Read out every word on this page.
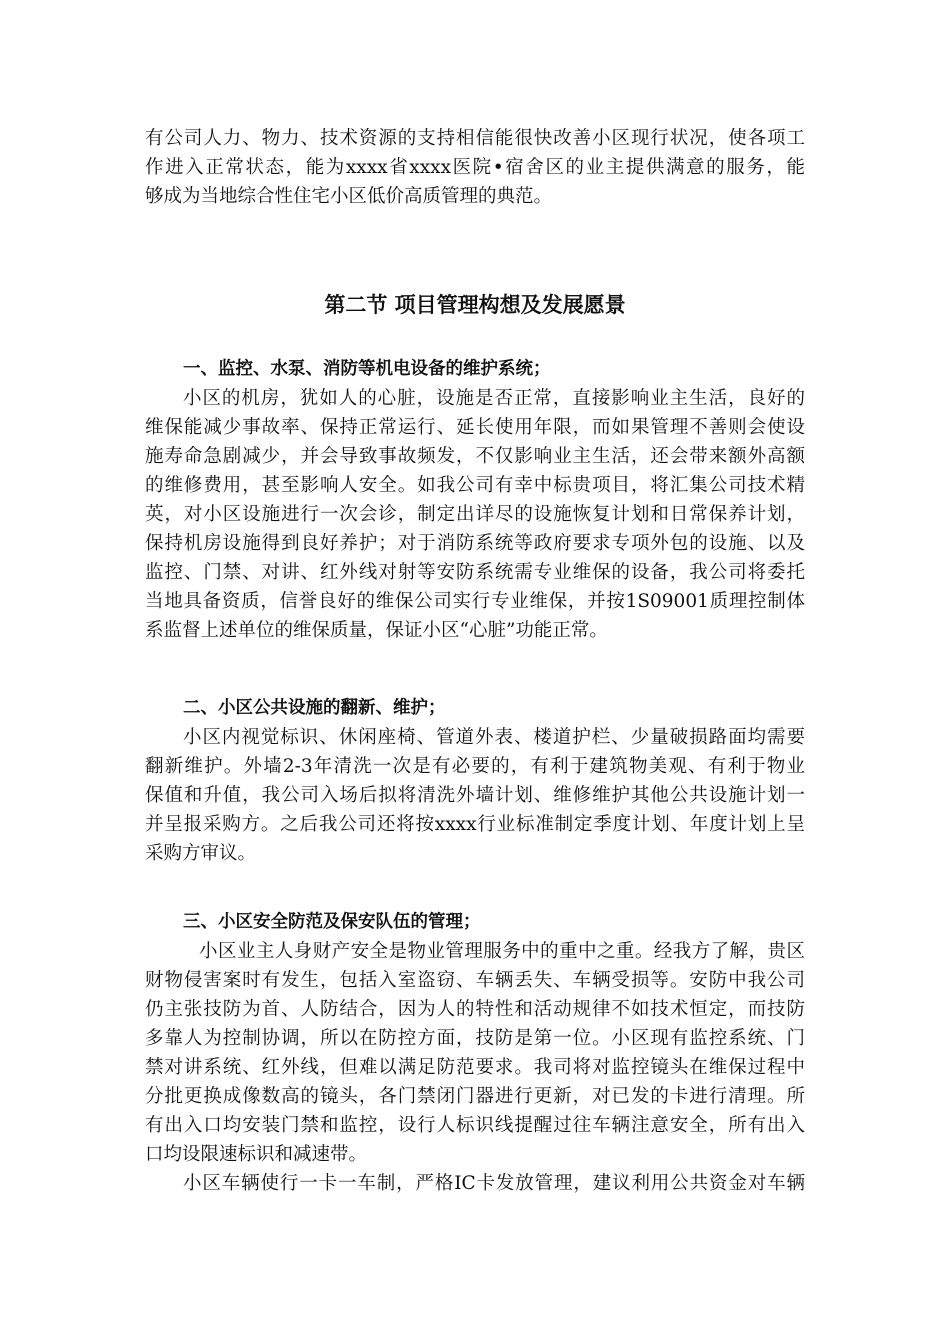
有公司人力、物力、技术资源的支持相信能很快改善小区现行状况，使各项工
作进入正常状态，能为xxxx省xxxx医院•宿舍区的业主提供满意的服务，能
够成为当地综合性住宅小区低价高质管理的典范。
第二节 项目管理构想及发展愿景
一、监控、水泵、消防等机电设备的维护系统；
小区的机房，犹如人的心脏，设施是否正常，直接影响业主生活，良好的
维保能减少事故率、保持正常运行、延长使用年限，而如果管理不善则会使设
施寿命急剧减少，并会导致事故频发，不仅影响业主生活，还会带来额外高额
的维修费用，甚至影响人安全。如我公司有幸中标贵项目，将汇集公司技术精
英，对小区设施进行一次会诊，制定出详尽的设施恢复计划和日常保养计划，
保持机房设施得到良好养护；对于消防系统等政府要求专项外包的设施、以及
监控、门禁、对讲、红外线对射等安防系统需专业维保的设备，我公司将委托
当地具备资质，信誉良好的维保公司实行专业维保，并按1S09001质理控制体
系监督上述单位的维保质量，保证小区“心脏”功能正常。
二、小区公共设施的翻新、维护；
小区内视觉标识、休闲座椅、管道外表、楼道护栏、少量破损路面均需要
翻新维护。外墙2-3年清洗一次是有必要的，有利于建筑物美观、有利于物业
保值和升值，我公司入场后拟将清洗外墙计划、维修维护其他公共设施计划一
并呈报采购方。之后我公司还将按xxxx行业标准制定季度计划、年度计划上呈
采购方审议。
三、小区安全防范及保安队伍的管理；
小区业主人身财产安全是物业管理服务中的重中之重。经我方了解，贵区
财物侵害案时有发生，包括入室盗窃、车辆丢失、车辆受损等。安防中我公司
仍主张技防为首、人防结合，因为人的特性和活动规律不如技术恒定，而技防
多靠人为控制协调，所以在防控方面，技防是第一位。小区现有监控系统、门
禁对讲系统、红外线，但难以满足防范要求。我司将对监控镜头在维保过程中
分批更换成像数高的镜头，各门禁闭门器进行更新，对已发的卡进行清理。所
有出入口均安装门禁和监控，设行人标识线提醒过往车辆注意安全，所有出入
口均设限速标识和减速带。
小区车辆使行一卡一车制，严格IC卡发放管理，建议利用公共资金对车辆
